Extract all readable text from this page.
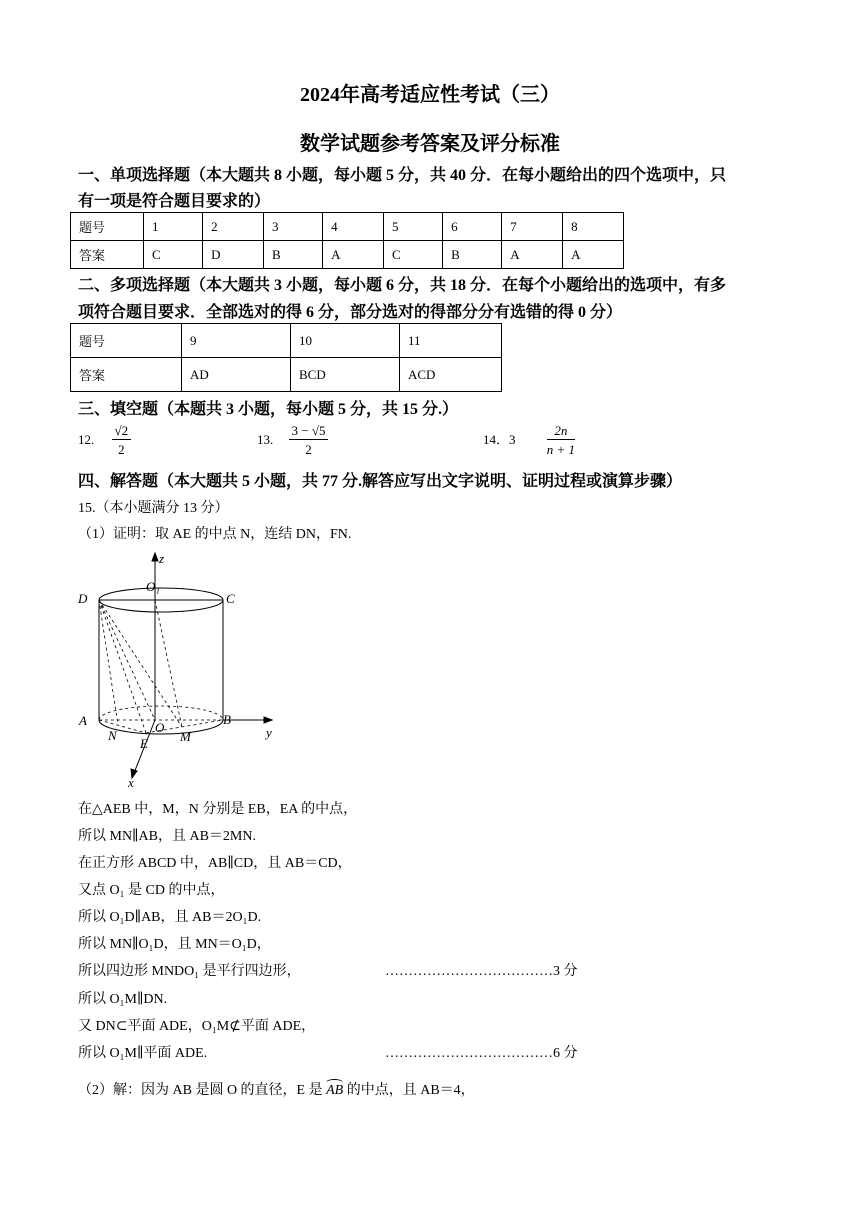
2024年高考适应性考试（三）
数学试题参考答案及评分标准
一、单项选择题（本大题共 8 小题，每小题 5 分，共 40 分．在每小题给出的四个选项中，只
有一项是符合题目要求的）
题号	1	2	3	4	5	6	7	8
答案	C	D	B	A	C	B	A	A
二、多项选择题（本大题共 3 小题，每小题 6 分，共 18 分．在每个小题给出的选项中，有多
项符合题目要求．全部选对的得 6 分，部分选对的得部分分有选错的得 0 分）
题号	9	10	11
答案	AD	BCD	ACD
三、填空题（本题共 3 小题，每小题 5 分，共 15 分.）
12. $\frac{√2}{2}$	13. $\frac{3 - √5}{2}$	14．$3 \frac{2n}{n + 1}$
四、解答题（本大题共 5 小题，共 77 分.解答应写出文字说明、证明过程或演算步骤）
15.（本小题满分 13 分）
（1）证明：取 AE 的中点 N，连结 DN，FN.
z
O₁
D	C
A	O
B
y
N
E M
x
在△AEB 中，M，N 分别是 EB，EA 的中点，
所以 MN∥AB，且 AB＝2MN.
在正方形 ABCD 中，AB∥CD，且 AB＝CD，
又点 O₁ 是 CD 的中点，
所以 O₁D∥AB，且 AB＝2O₁D.
所以 MN∥O₁D，且 MN＝O₁D，
所以四边形 MNDO₁ 是平行四边形，	………………………………3 分
所以 O₁M∥DN.
又 DN⊂平面 ADE，O₁M⊄平面 ADE，
所以 O₁M∥平面 ADE.	………………………………6 分
（2）解：因为 AB 是圆 O 的直径，E 是 AB 的中点，且 AB＝4，
